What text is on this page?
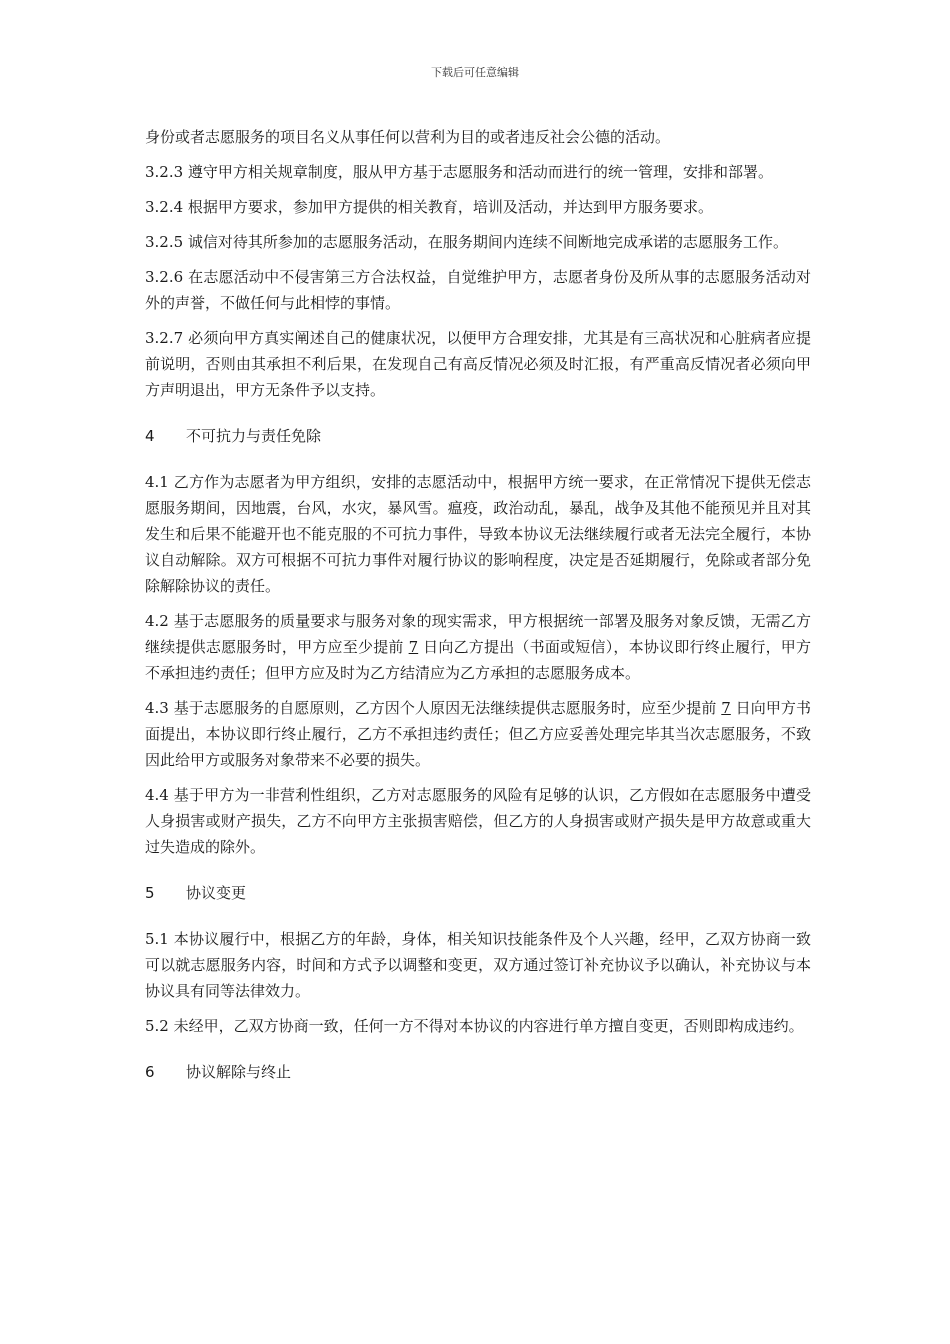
下载后可任意编辑

身份或者志愿服务的项目名义从事任何以营利为目的或者违反社会公德的活动。

3.2.3 遵守甲方相关规章制度，服从甲方基于志愿服务和活动而进行的统一管理，安排和部署。

3.2.4 根据甲方要求，参加甲方提供的相关教育，培训及活动，并达到甲方服务要求。

3.2.5 诚信对待其所参加的志愿服务活动，在服务期间内连续不间断地完成承诺的志愿服务工作。

3.2.6 在志愿活动中不侵害第三方合法权益，自觉维护甲方，志愿者身份及所从事的志愿服务活动对外的声誉，不做任何与此相悖的事情。

3.2.7 必须向甲方真实阐述自己的健康状况，以便甲方合理安排，尤其是有三高状况和心脏病者应提前说明，否则由其承担不利后果，在发现自己有高反情况必须及时汇报，有严重高反情况者必须向甲方声明退出，甲方无条件予以支持。

4	不可抗力与责任免除

4.1 乙方作为志愿者为甲方组织，安排的志愿活动中，根据甲方统一要求，在正常情况下提供无偿志愿服务期间，因地震，台风，水灾，暴风雪。瘟疫，政治动乱，暴乱，战争及其他不能预见并且对其发生和后果不能避开也不能克服的不可抗力事件，导致本协议无法继续履行或者无法完全履行，本协议自动解除。双方可根据不可抗力事件对履行协议的影响程度，决定是否延期履行，免除或者部分免除解除协议的责任。

4.2 基于志愿服务的质量要求与服务对象的现实需求，甲方根据统一部署及服务对象反馈，无需乙方继续提供志愿服务时，甲方应至少提前 7 日向乙方提出（书面或短信），本协议即行终止履行，甲方不承担违约责任；但甲方应及时为乙方结清应为乙方承担的志愿服务成本。

4.3 基于志愿服务的自愿原则，乙方因个人原因无法继续提供志愿服务时，应至少提前 7 日向甲方书面提出，本协议即行终止履行，乙方不承担违约责任；但乙方应妥善处理完毕其当次志愿服务，不致因此给甲方或服务对象带来不必要的损失。

4.4 基于甲方为一非营利性组织，乙方对志愿服务的风险有足够的认识，乙方假如在志愿服务中遭受人身损害或财产损失，乙方不向甲方主张损害赔偿，但乙方的人身损害或财产损失是甲方故意或重大过失造成的除外。

5	协议变更

5.1 本协议履行中，根据乙方的年龄，身体，相关知识技能条件及个人兴趣，经甲，乙双方协商一致可以就志愿服务内容，时间和方式予以调整和变更，双方通过签订补充协议予以确认，补充协议与本协议具有同等法律效力。

5.2 未经甲，乙双方协商一致，任何一方不得对本协议的内容进行单方擅自变更，否则即构成违约。

6	协议解除与终止
